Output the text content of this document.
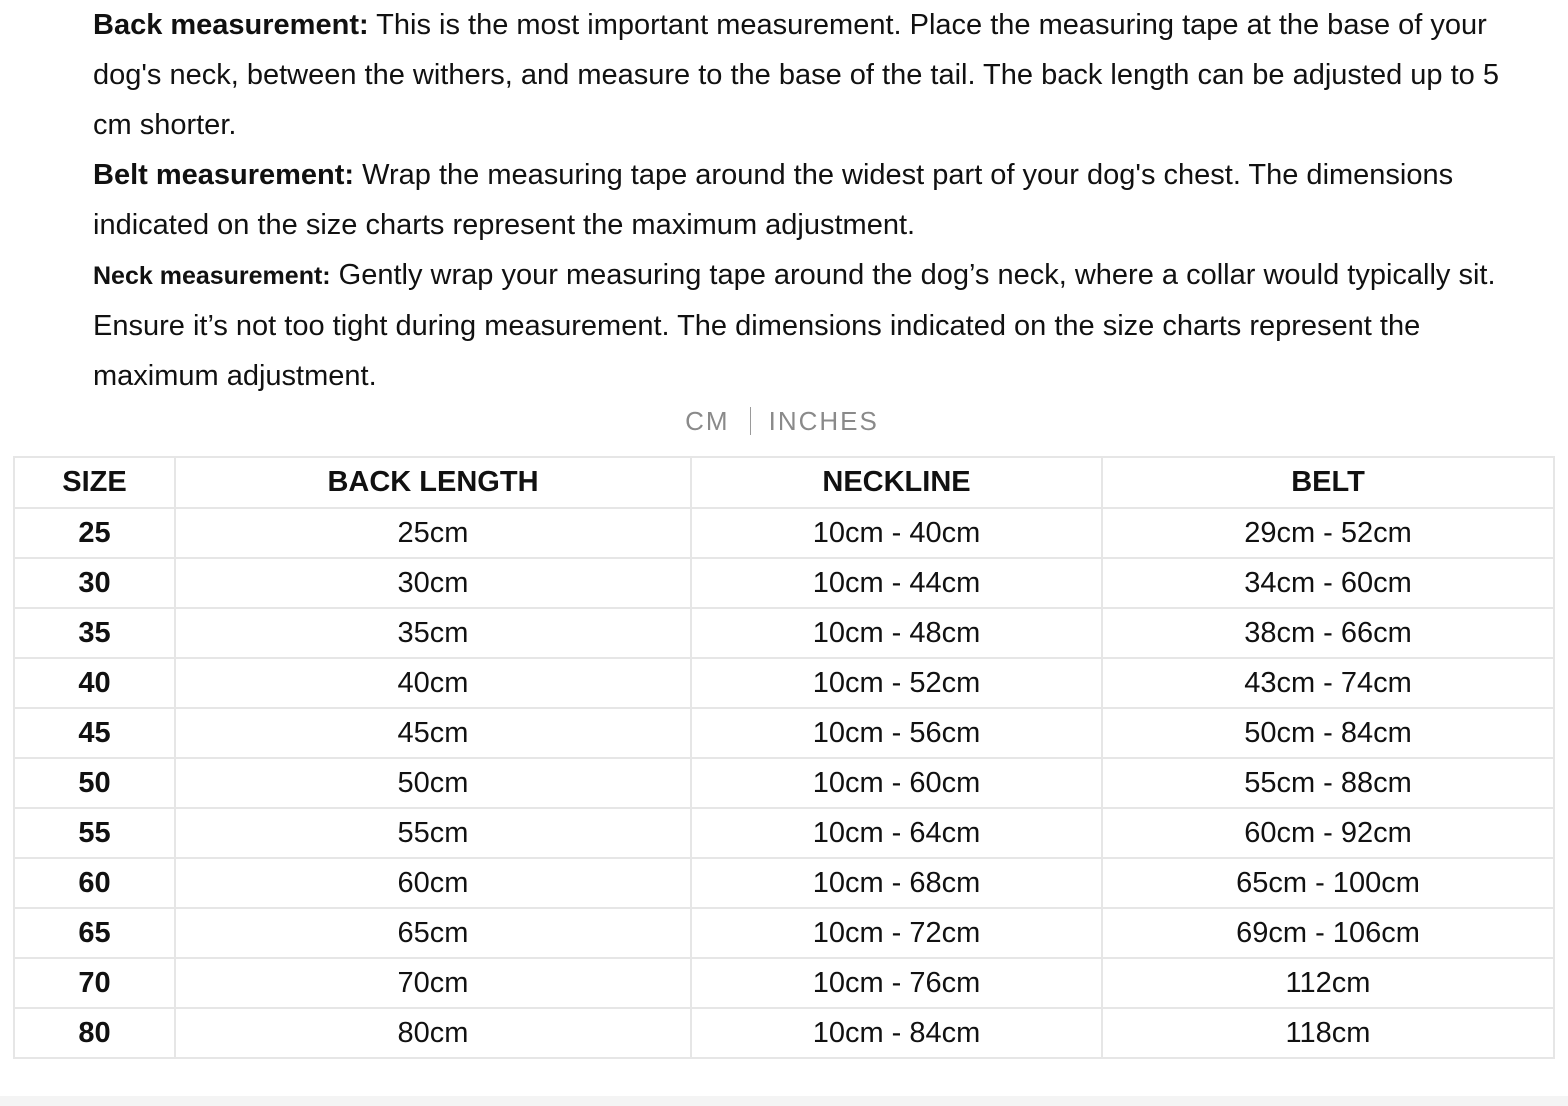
Back measurement: This is the most important measurement. Place the measuring tape at the base of your dog's neck, between the withers, and measure to the base of the tail. The back length can be adjusted up to 5 cm shorter.

Belt measurement: Wrap the measuring tape around the widest part of your dog's chest. The dimensions indicated on the size charts represent the maximum adjustment.

Neck measurement: Gently wrap your measuring tape around the dog’s neck, where a collar would typically sit. Ensure it’s not too tight during measurement. The dimensions indicated on the size charts represent the maximum adjustment.

CM INCHES
SIZE	BACK LENGTH	NECKLINE	BELT
25	25cm	10cm - 40cm	29cm - 52cm
30	30cm	10cm - 44cm	34cm - 60cm
35	35cm	10cm - 48cm	38cm - 66cm
40	40cm	10cm - 52cm	43cm - 74cm
45	45cm	10cm - 56cm	50cm - 84cm
50	50cm	10cm - 60cm	55cm - 88cm
55	55cm	10cm - 64cm	60cm - 92cm
60	60cm	10cm - 68cm	65cm - 100cm
65	65cm	10cm - 72cm	69cm - 106cm
70	70cm	10cm - 76cm	112cm
80	80cm	10cm - 84cm	118cm
